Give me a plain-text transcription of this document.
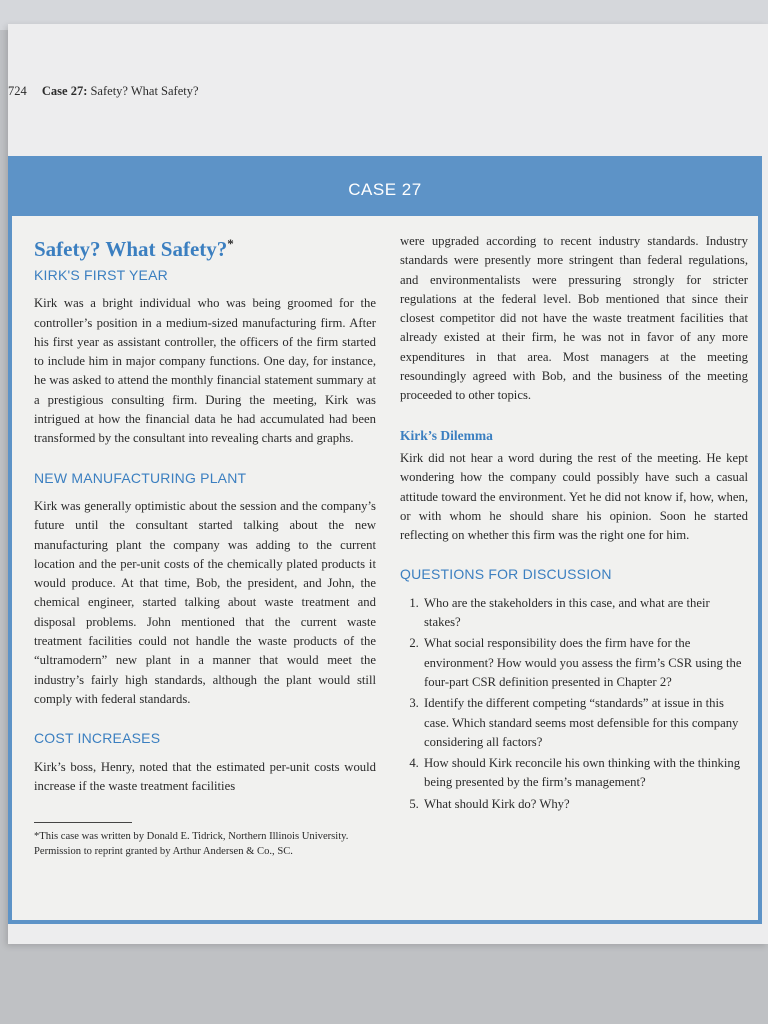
724 Case 27: Safety? What Safety?
CASE 27
Safety? What Safety?*
KIRK'S FIRST YEAR

Kirk was a bright individual who was being groomed for the controller’s position in a medium-sized manufacturing firm. After his first year as assistant controller, the officers of the firm started to include him in major company functions. One day, for instance, he was asked to attend the monthly financial statement summary at a prestigious consulting firm. During the meeting, Kirk was intrigued at how the financial data he had accumulated had been transformed by the consultant into revealing charts and graphs.

NEW MANUFACTURING PLANT

Kirk was generally optimistic about the session and the company’s future until the consultant started talking about the new manufacturing plant the company was adding to the current location and the per-unit costs of the chemically plated products it would produce. At that time, Bob, the president, and John, the chemical engineer, started talking about waste treatment and disposal problems. John mentioned that the current waste treatment facilities could not handle the waste products of the “ultramodern” new plant in a manner that would meet the industry’s fairly high standards, although the plant would still comply with federal standards.

COST INCREASES

Kirk’s boss, Henry, noted that the estimated per-unit costs would increase if the waste treatment facilities

*This case was written by Donald E. Tidrick, Northern Illinois University. Permission to reprint granted by Arthur Andersen & Co., SC.

were upgraded according to recent industry standards. Industry standards were presently more stringent than federal regulations, and environmentalists were pressuring strongly for stricter regulations at the federal level. Bob mentioned that since their closest competitor did not have the waste treatment facilities that already existed at their firm, he was not in favor of any more expenditures in that area. Most managers at the meeting resoundingly agreed with Bob, and the business of the meeting proceeded to other topics.

Kirk’s Dilemma

Kirk did not hear a word during the rest of the meeting. He kept wondering how the company could possibly have such a casual attitude toward the environment. Yet he did not know if, how, when, or with whom he should share his opinion. Soon he started reflecting on whether this firm was the right one for him.

QUESTIONS FOR DISCUSSION
1. Who are the stakeholders in this case, and what are their stakes?
2. What social responsibility does the firm have for the environment? How would you assess the firm’s CSR using the four-part CSR definition presented in Chapter 2?
3. Identify the different competing “standards” at issue in this case. Which standard seems most defensible for this company considering all factors?
4. How should Kirk reconcile his own thinking with the thinking being presented by the firm’s management?
5. What should Kirk do? Why?
